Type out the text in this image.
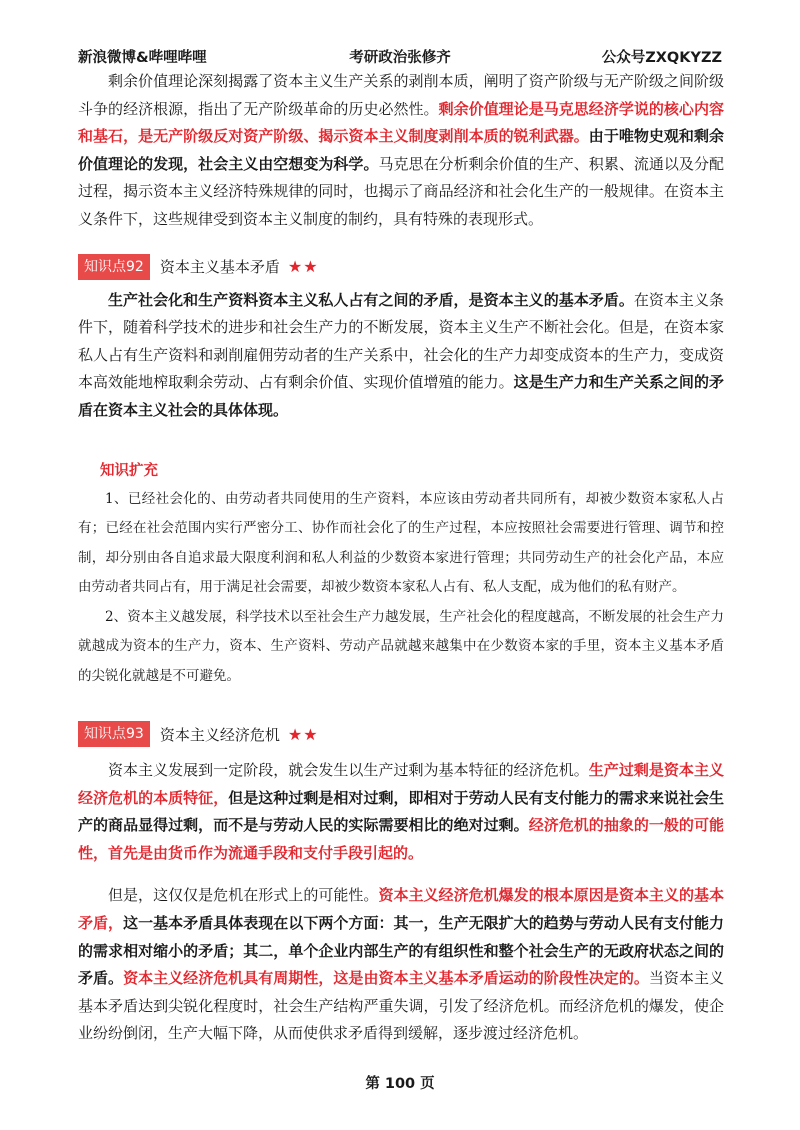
新浪微博&哔哩哔哩	考研政治张修齐	公众号ZXQKYZZ

剩余价值理论深刻揭露了资本主义生产关系的剥削本质，阐明了资产阶级与无产阶级之间阶级斗争的经济根源，指出了无产阶级革命的历史必然性。剩余价值理论是马克思经济学说的核心内容和基石，是无产阶级反对资产阶级、揭示资本主义制度剥削本质的锐利武器。由于唯物史观和剩余价值理论的发现，社会主义由空想变为科学。马克思在分析剩余价值的生产、积累、流通以及分配过程，揭示资本主义经济特殊规律的同时，也揭示了商品经济和社会化生产的一般规律。在资本主义条件下，这些规律受到资本主义制度的制约，具有特殊的表现形式。

知识点92	资本主义基本矛盾 ★★

生产社会化和生产资料资本主义私人占有之间的矛盾，是资本主义的基本矛盾。在资本主义条件下，随着科学技术的进步和社会生产力的不断发展，资本主义生产不断社会化。但是，在资本家私人占有生产资料和剥削雇佣劳动者的生产关系中，社会化的生产力却变成资本的生产力，变成资本高效能地榨取剩余劳动、占有剩余价值、实现价值增殖的能力。这是生产力和生产关系之间的矛盾在资本主义社会的具体体现。

知识扩充

1、已经社会化的、由劳动者共同使用的生产资料，本应该由劳动者共同所有，却被少数资本家私人占有；已经在社会范围内实行严密分工、协作而社会化了的生产过程，本应按照社会需要进行管理、调节和控制，却分别由各自追求最大限度利润和私人利益的少数资本家进行管理；共同劳动生产的社会化产品，本应由劳动者共同占有，用于满足社会需要，却被少数资本家私人占有、私人支配，成为他们的私有财产。

2、资本主义越发展，科学技术以至社会生产力越发展，生产社会化的程度越高，不断发展的社会生产力就越成为资本的生产力，资本、生产资料、劳动产品就越来越集中在少数资本家的手里，资本主义基本矛盾的尖锐化就越是不可避免。

知识点93	资本主义经济危机 ★★

资本主义发展到一定阶段，就会发生以生产过剩为基本特征的经济危机。生产过剩是资本主义经济危机的本质特征，但是这种过剩是相对过剩，即相对于劳动人民有支付能力的需求来说社会生产的商品显得过剩，而不是与劳动人民的实际需要相比的绝对过剩。经济危机的抽象的一般的可能性，首先是由货币作为流通手段和支付手段引起的。

但是，这仅仅是危机在形式上的可能性。资本主义经济危机爆发的根本原因是资本主义的基本矛盾，这一基本矛盾具体表现在以下两个方面：其一，生产无限扩大的趋势与劳动人民有支付能力的需求相对缩小的矛盾；其二，单个企业内部生产的有组织性和整个社会生产的无政府状态之间的矛盾。资本主义经济危机具有周期性，这是由资本主义基本矛盾运动的阶段性决定的。当资本主义基本矛盾达到尖锐化程度时，社会生产结构严重失调，引发了经济危机。而经济危机的爆发，使企业纷纷倒闭，生产大幅下降，从而使供求矛盾得到缓解，逐步渡过经济危机。

第 100 页
